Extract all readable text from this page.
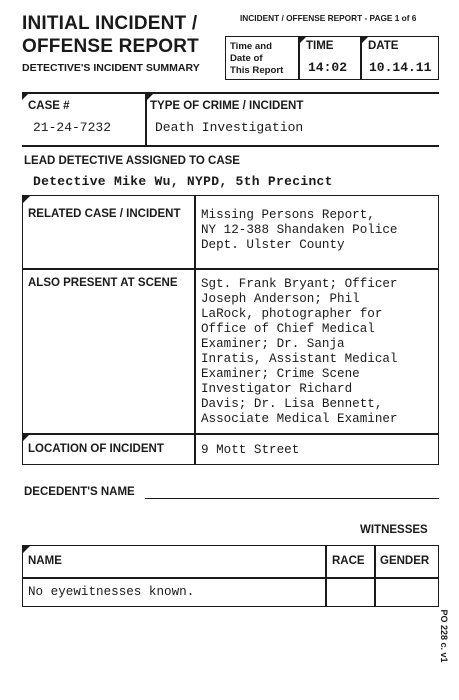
INITIAL INCIDENT /
OFFENSE REPORT
DETECTIVE'S INCIDENT SUMMARY
INCIDENT / OFFENSE REPORT - PAGE 1 of 6
Time and
Date of
This Report
TIME
14:02
DATE
10.14.11
CASE #
21-24-7232
TYPE OF CRIME / INCIDENT
Death Investigation
LEAD DETECTIVE ASSIGNED TO CASE
Detective Mike Wu, NYPD, 5th Precinct
RELATED CASE / INCIDENT Missing Persons Report,
NY 12-388 Shandaken Police
Dept. Ulster County
ALSO PRESENT AT SCENE Sgt. Frank Bryant; Officer
Joseph Anderson; Phil
LaRock, photographer for
Office of Chief Medical
Examiner; Dr. Sanja
Inratis, Assistant Medical
Examiner; Crime Scene
Investigator Richard
Davis; Dr. Lisa Bennett,
Associate Medical Examiner
LOCATION OF INCIDENT	9 Mott Street
DECEDENT'S NAME
WITNESSES
NAME	RACE GENDER
No eyewitnesses known.
PO 228 c. v1
